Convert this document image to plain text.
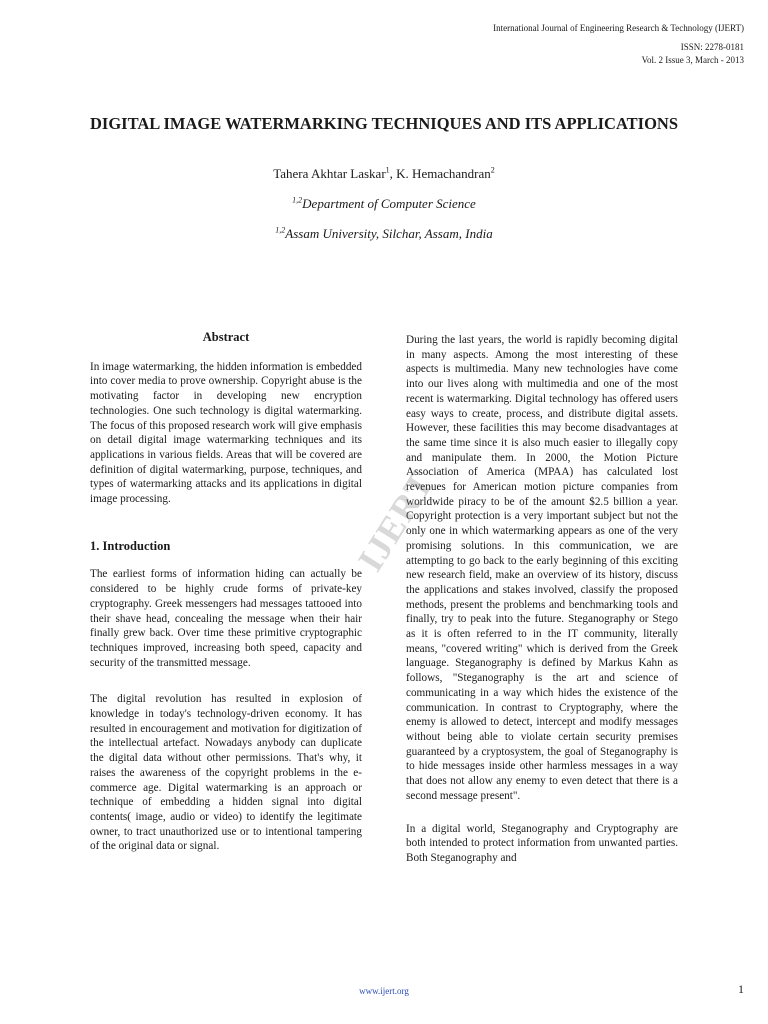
International Journal of Engineering Research & Technology (IJERT)
ISSN: 2278-0181
Vol. 2 Issue 3, March - 2013
DIGITAL IMAGE WATERMARKING TECHNIQUES AND ITS APPLICATIONS
Tahera Akhtar Laskar$^1$, K. Hemachandran$^2$
$^{1,2}$Department of Computer Science
$^{1,2}$Assam University, Silchar, Assam, India

Abstract

In image watermarking, the hidden information is embedded into cover media to prove ownership. Copyright abuse is the motivating factor in developing new encryption technologies. One such technology is digital watermarking. The focus of this proposed research work will give emphasis on detail digital image watermarking techniques and its applications in various fields. Areas that will be covered are definition of digital watermarking, purpose, techniques, and types of watermarking attacks and its applications in digital image processing.

1. Introduction

The earliest forms of information hiding can actually be considered to be highly crude forms of private-key cryptography. Greek messengers had messages tattooed into their shave head, concealing the message when their hair finally grew back. Over time these primitive cryptographic techniques improved, increasing both speed, capacity and security of the transmitted message.

The digital revolution has resulted in explosion of knowledge in today's technology-driven economy. It has resulted in encouragement and motivation for digitization of the intellectual artefact. Nowadays anybody can duplicate the digital data without other permissions. That's why, it raises the awareness of the copyright problems in the e-commerce age. Digital watermarking is an approach or technique of embedding a hidden signal into digital contents( image, audio or video) to identify the legitimate owner, to tract unauthorized use or to intentional tampering of the original data or signal.

During the last years, the world is rapidly becoming digital in many aspects. Among the most interesting of these aspects is multimedia. Many new technologies have come into our lives along with multimedia and one of the most recent is watermarking. Digital technology has offered users easy ways to create, process, and distribute digital assets. However, these facilities this may become disadvantages at the same time since it is also much easier to illegally copy and manipulate them. In 2000, the Motion Picture Association of America (MPAA) has calculated lost revenues for American motion picture companies from worldwide piracy to be of the amount $2.5 billion a year. Copyright protection is a very important subject but not the only one in which watermarking appears as one of the very promising solutions. In this communication, we are attempting to go back to the early beginning of this exciting new research field, make an overview of its history, discuss the applications and stakes involved, classify the proposed methods, present the problems and benchmarking tools and finally, try to peak into the future. Steganography or Stego as it is often referred to in the IT community, literally means, "covered writing" which is derived from the Greek language. Steganography is defined by Markus Kahn as follows, "Steganography is the art and science of communicating in a way which hides the existence of the communication. In contrast to Cryptography, where the enemy is allowed to detect, intercept and modify messages without being able to violate certain security premises guaranteed by a cryptosystem, the goal of Steganography is to hide messages inside other harmless messages in a way that does not allow any enemy to even detect that there is a second message present".

In a digital world, Steganography and Cryptography are both intended to protect information from unwanted parties. Both Steganography and

IJERT
www.ijert.org	1
